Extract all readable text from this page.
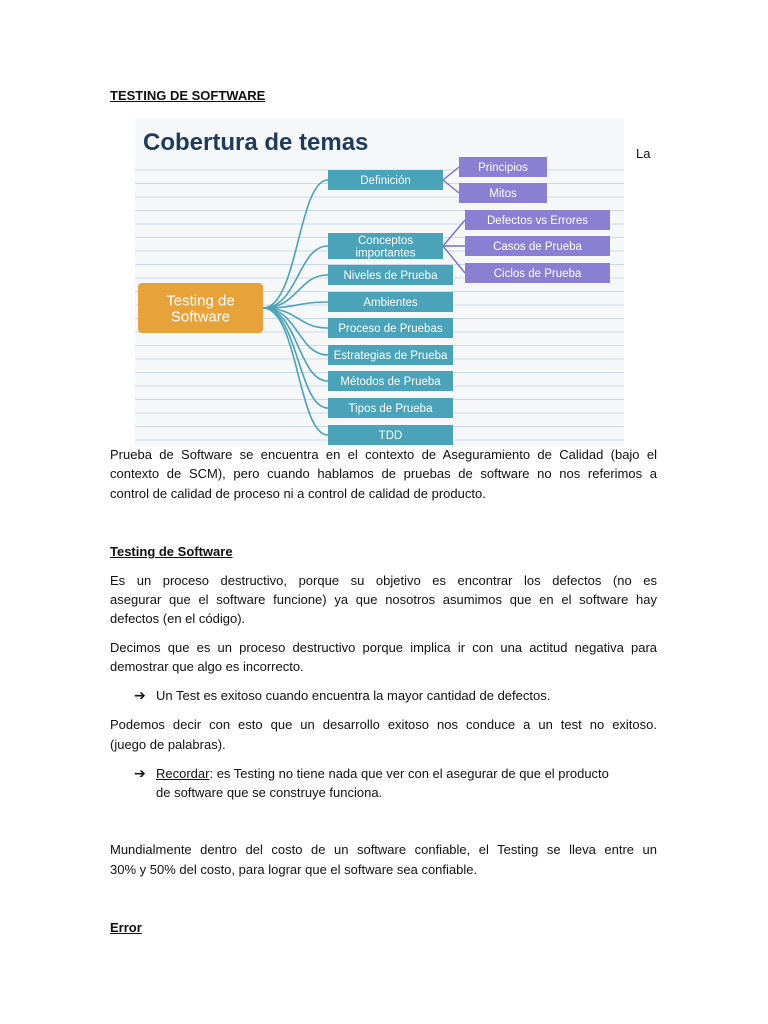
TESTING DE SOFTWARE
Cobertura de temas
Testing de
Software
Definición
Conceptos
importantes
Niveles de Prueba
Ambientes
Proceso de Pruebas
Estrategias de Prueba
Métodos de Prueba
Tipos de Prueba
TDD
Principios
Mitos
Defectos vs Errores
Casos de Prueba
Ciclos de Prueba
La
Prueba de Software se encuentra en el contexto de Aseguramiento de Calidad (bajo el
contexto de SCM), pero cuando hablamos de pruebas de software no nos referimos a
control de calidad de proceso ni a control de calidad de producto.
Testing de Software
Es un proceso destructivo, porque su objetivo es encontrar los defectos (no es
asegurar que el software funcione) ya que nosotros asumimos que en el software hay
defectos (en el código).
Decimos que es un proceso destructivo porque implica ir con una actitud negativa para
demostrar que algo es incorrecto.
➔ Un Test es exitoso cuando encuentra la mayor cantidad de defectos.
Podemos decir con esto que un desarrollo exitoso nos conduce a un test no exitoso.
(juego de palabras).
➔ Recordar: es Testing no tiene nada que ver con el asegurar de que el producto
de software que se construye funciona.
Mundialmente dentro del costo de un software confiable, el Testing se lleva entre un
30% y 50% del costo, para lograr que el software sea confiable.
Error
